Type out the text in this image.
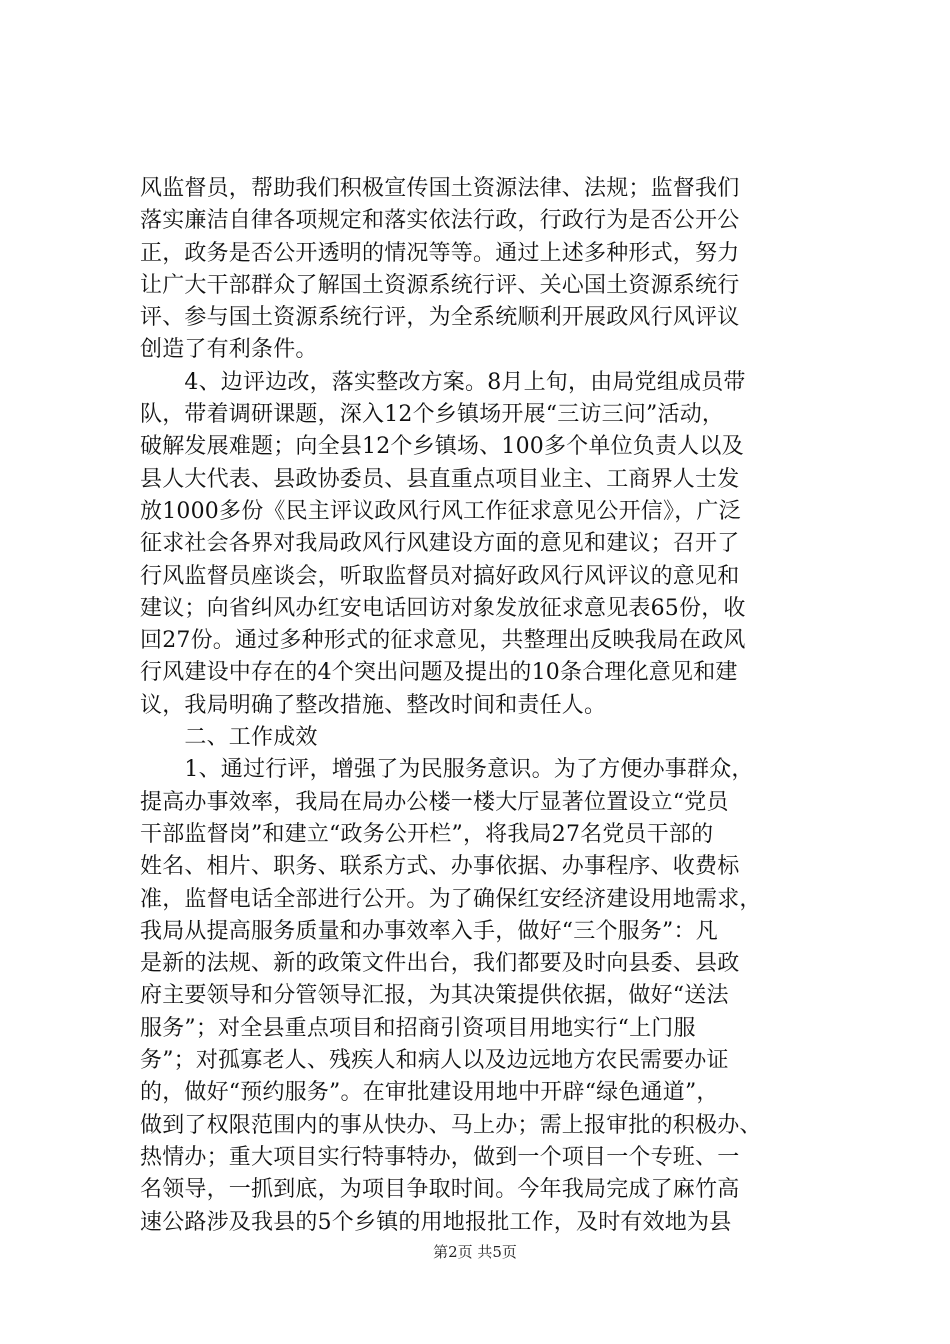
风监督员，帮助我们积极宣传国土资源法律、法规；监督我们
落实廉洁自律各项规定和落实依法行政，行政行为是否公开公
正，政务是否公开透明的情况等等。通过上述多种形式，努力
让广大干部群众了解国土资源系统行评、关心国土资源系统行
评、参与国土资源系统行评，为全系统顺利开展政风行风评议
创造了有利条件。

　　4、边评边改，落实整改方案。8月上旬，由局党组成员带
队，带着调研课题，深入12个乡镇场开展“三访三问”活动，
破解发展难题；向全县12个乡镇场、100多个单位负责人以及
县人大代表、县政协委员、县直重点项目业主、工商界人士发
放1000多份《民主评议政风行风工作征求意见公开信》，广泛
征求社会各界对我局政风行风建设方面的意见和建议；召开了
行风监督员座谈会，听取监督员对搞好政风行风评议的意见和
建议；向省纠风办红安电话回访对象发放征求意见表65份，收
回27份。通过多种形式的征求意见，共整理出反映我局在政风
行风建设中存在的4个突出问题及提出的10条合理化意见和建
议，我局明确了整改措施、整改时间和责任人。

　　二、工作成效

　　1、通过行评，增强了为民服务意识。为了方便办事群众，
提高办事效率，我局在局办公楼一楼大厅显著位置设立“党员
干部监督岗”和建立“政务公开栏”，将我局27名党员干部的
姓名、相片、职务、联系方式、办事依据、办事程序、收费标
准，监督电话全部进行公开。为了确保红安经济建设用地需求，
我局从提高服务质量和办事效率入手，做好“三个服务”：凡
是新的法规、新的政策文件出台，我们都要及时向县委、县政
府主要领导和分管领导汇报，为其决策提供依据，做好“送法
服务”；对全县重点项目和招商引资项目用地实行“上门服
务”；对孤寡老人、残疾人和病人以及边远地方农民需要办证
的，做好“预约服务”。在审批建设用地中开辟“绿色通道”，
做到了权限范围内的事从快办、马上办；需上报审批的积极办、
热情办；重大项目实行特事特办，做到一个项目一个专班、一
名领导，一抓到底，为项目争取时间。今年我局完成了麻竹高
速公路涉及我县的5个乡镇的用地报批工作，及时有效地为县

第2页 共5页
